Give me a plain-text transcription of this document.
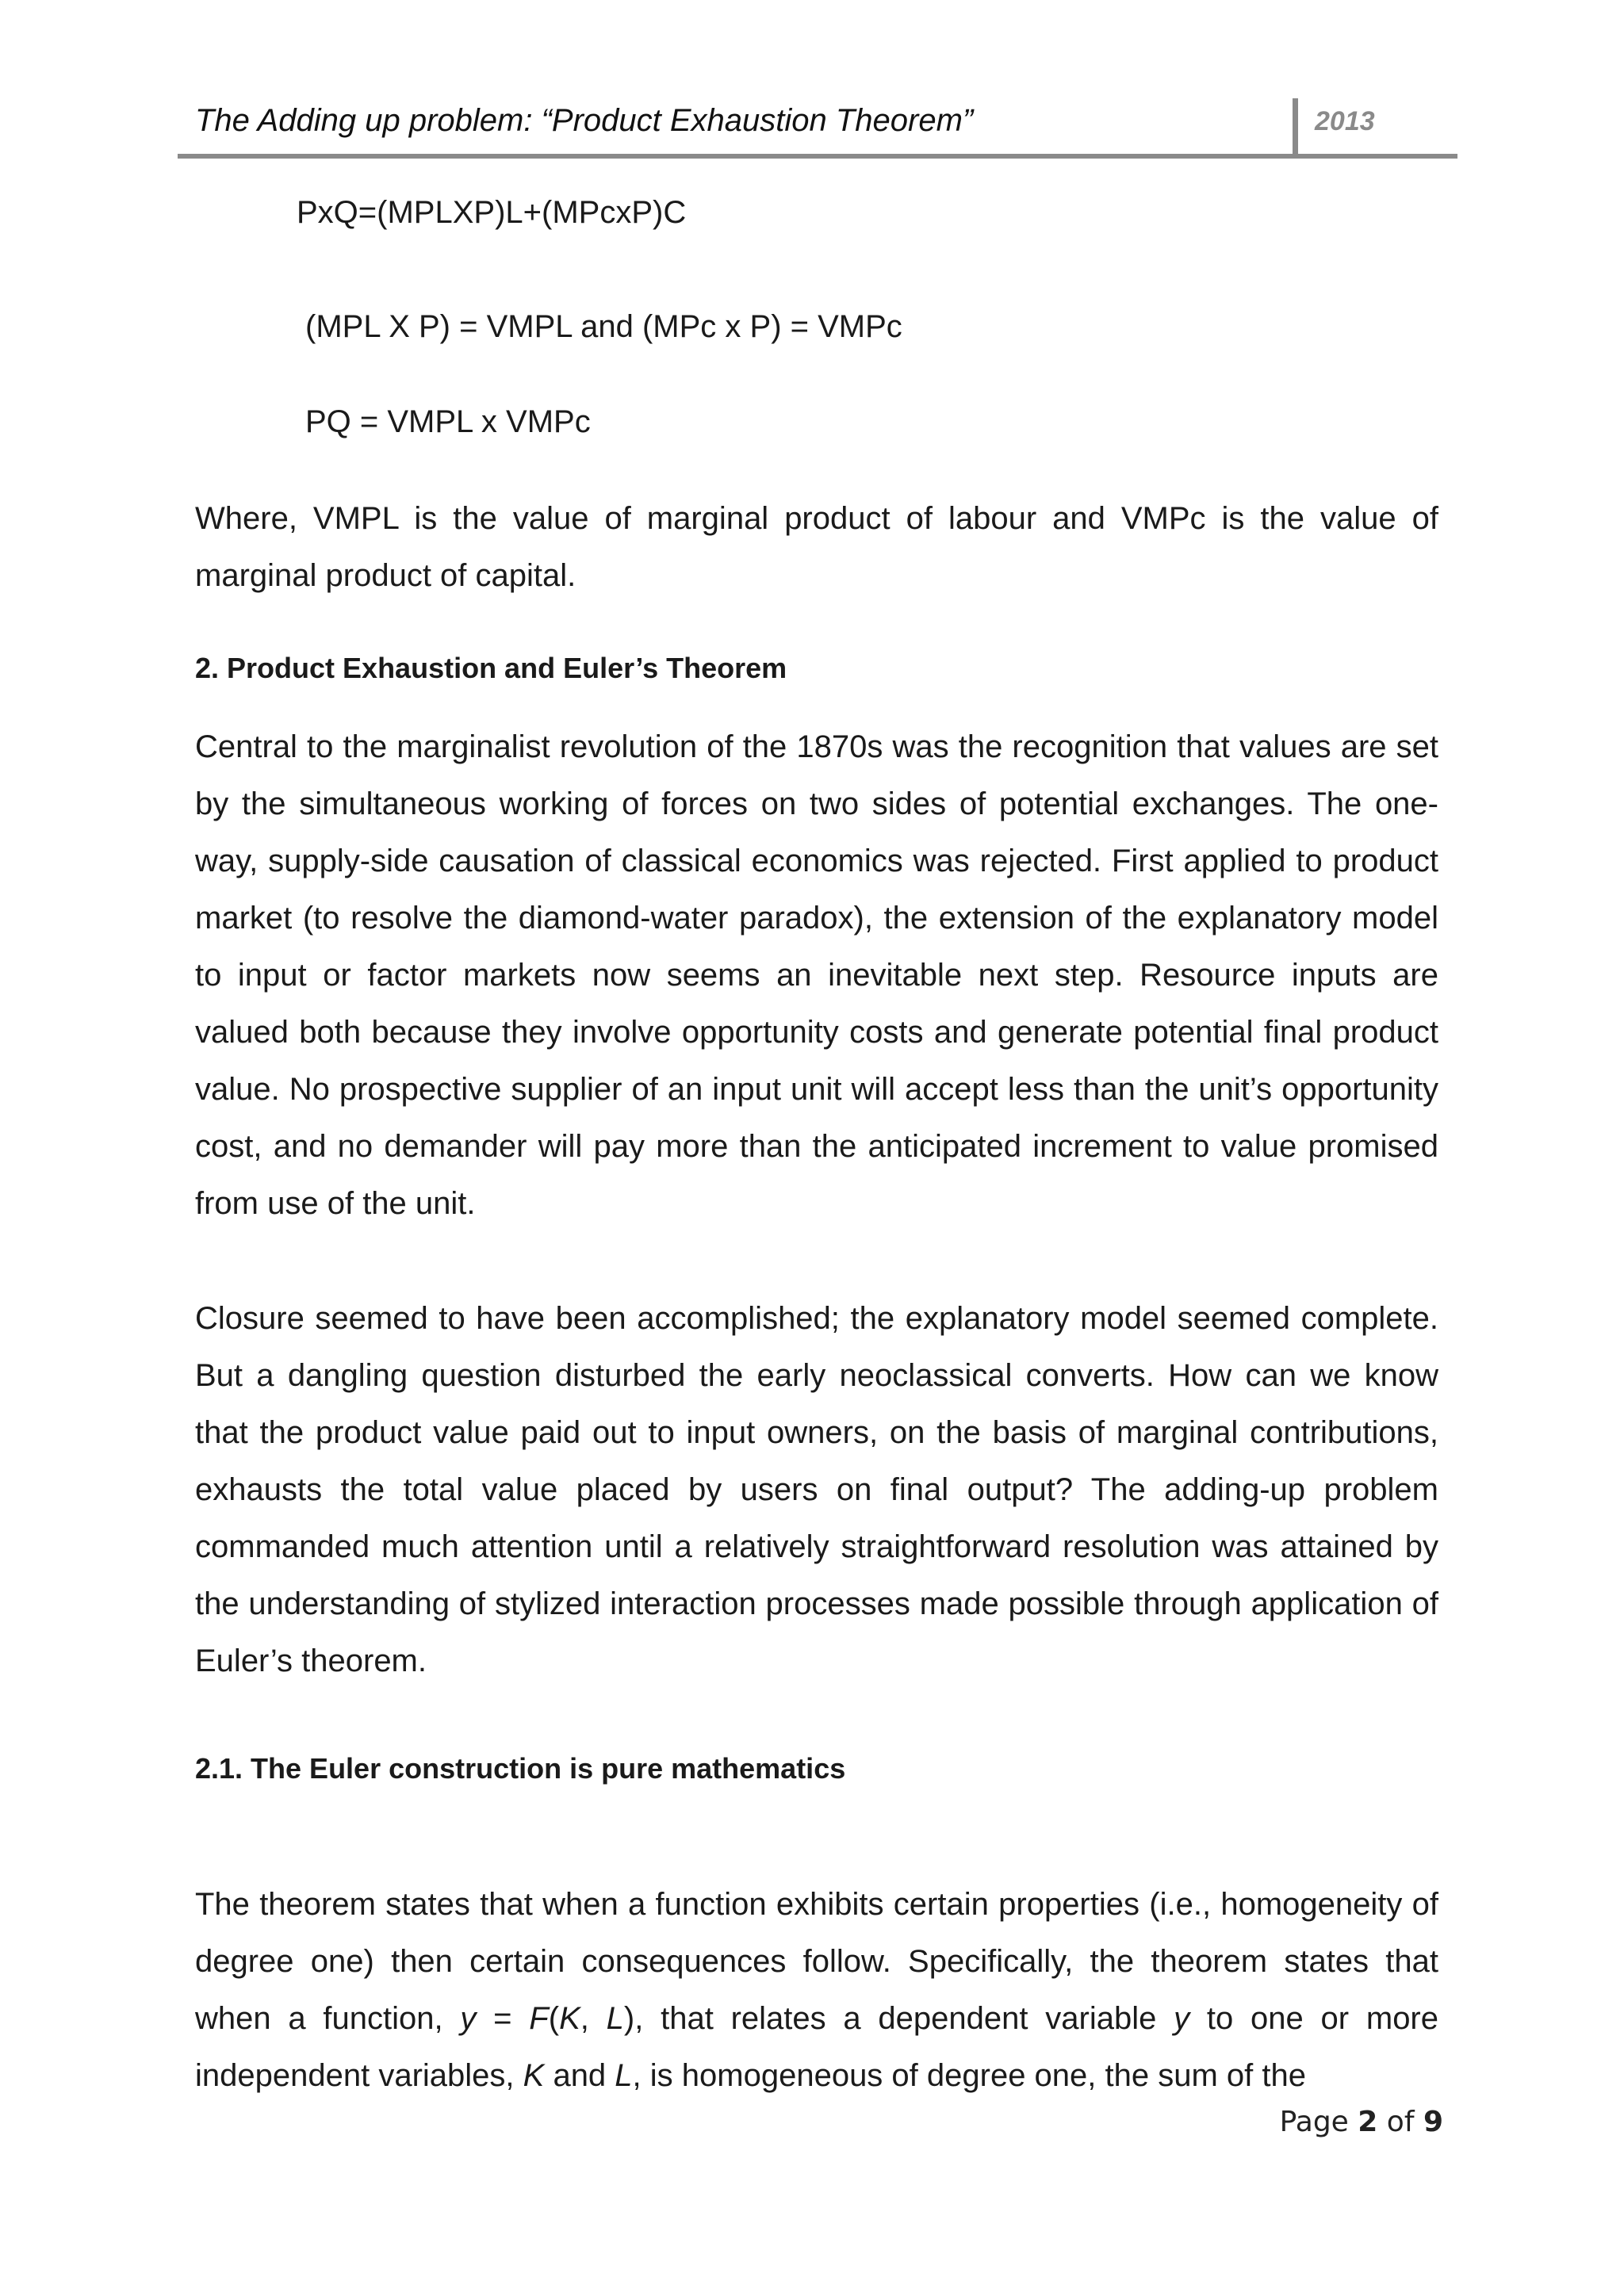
The Adding up problem: “Product Exhaustion Theorem”	2013
PxQ=(MPLXP)L+(MPcxP)C
(MPL X P) = VMPL and (MPc x P) = VMPc
PQ = VMPL x VMPc

Where, VMPL is the value of marginal product of labour and VMPc is the value of marginal product of capital.

2. Product Exhaustion and Euler’s Theorem

Central to the marginalist revolution of the 1870s was the recognition that values are set by the simultaneous working of forces on two sides of potential exchanges. The one-way, supply-side causation of classical economics was rejected. First applied to product market (to resolve the diamond-water paradox), the extension of the explanatory model to input or factor markets now seems an inevitable next step. Resource inputs are valued both because they involve opportunity costs and generate potential final product value. No prospective supplier of an input unit will accept less than the unit’s opportunity cost, and no demander will pay more than the anticipated increment to value promised from use of the unit.

Closure seemed to have been accomplished; the explanatory model seemed complete. But a dangling question disturbed the early neoclassical converts. How can we know that the product value paid out to input owners, on the basis of marginal contributions, exhausts the total value placed by users on final output? The adding-up problem commanded much attention until a relatively straightforward resolution was attained by the understanding of stylized interaction processes made possible through application of Euler’s theorem.

2.1. The Euler construction is pure mathematics

The theorem states that when a function exhibits certain properties (i.e., homogeneity of degree one) then certain consequences follow. Specifically, the theorem states that when a function, y = F(K, L), that relates a dependent variable y to one or more independent variables, K and L, is homogeneous of degree one, the sum of the

Page 2 of 9
